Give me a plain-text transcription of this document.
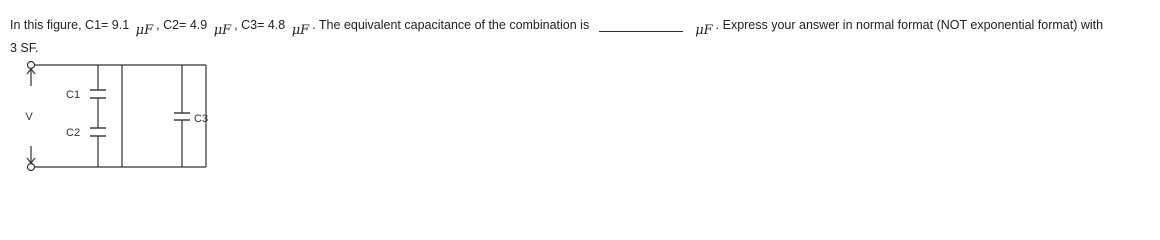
In this figure, C1= 9.1 μF , C2= 4.9 μF , C3= 4.8 μF . The equivalent capacitance of the combination is	μF . Express your answer in normal format (NOT exponential format) with
3 SF.
V
C1
C2
C3
